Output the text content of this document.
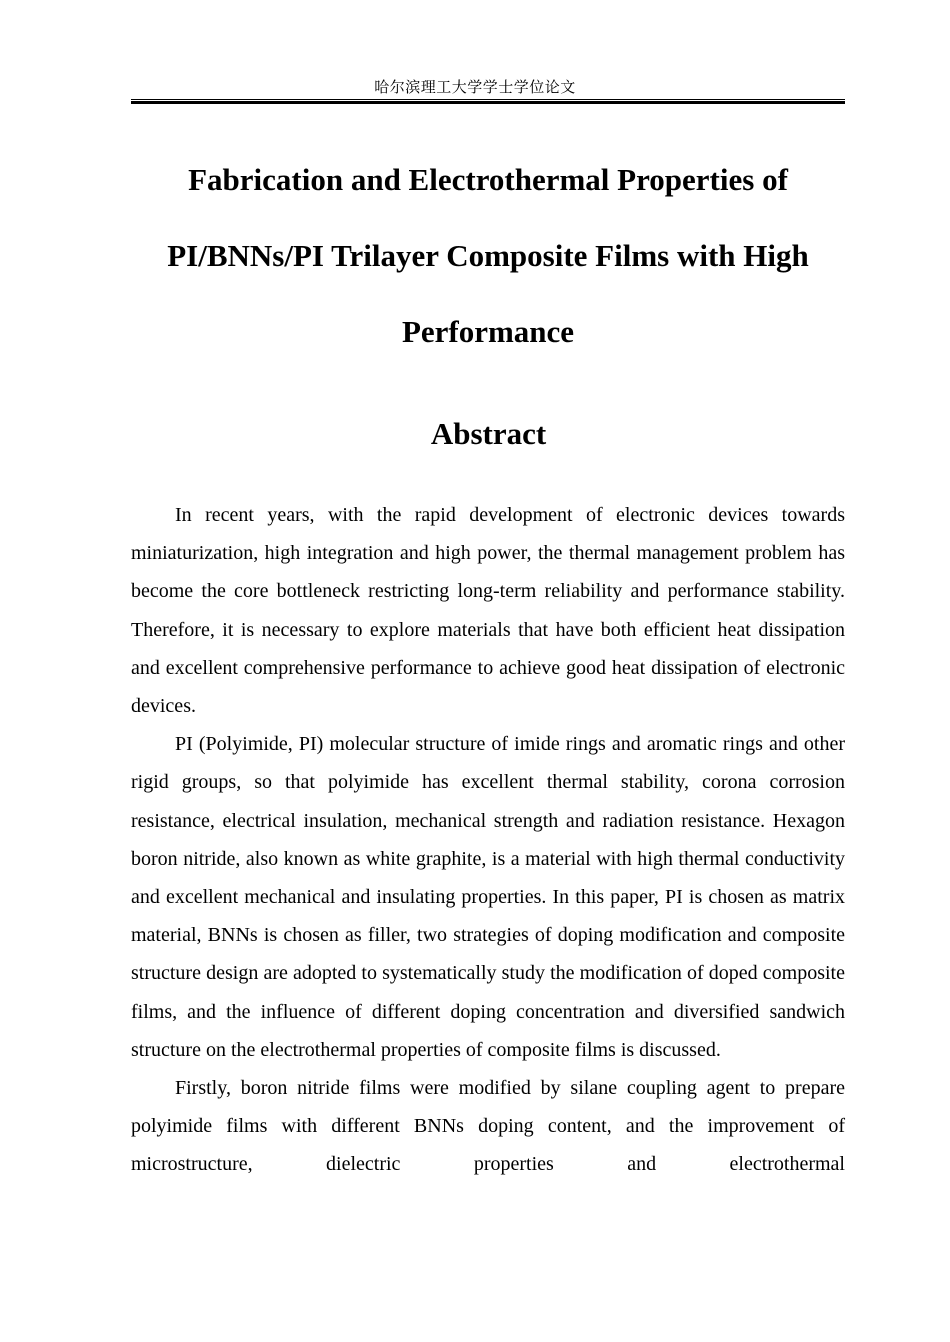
哈尔滨理工大学学士学位论文
Fabrication and Electrothermal Properties of
PI/BNNs/PI Trilayer Composite Films with High
Performance
Abstract

In recent years, with the rapid development of electronic devices towards miniaturization, high integration and high power, the thermal management problem has become the core bottleneck restricting long-term reliability and performance stability. Therefore, it is necessary to explore materials that have both efficient heat dissipation and excellent comprehensive performance to achieve good heat dissipation of electronic devices.

PI (Polyimide, PI) molecular structure of imide rings and aromatic rings and other rigid groups, so that polyimide has excellent thermal stability, corona corrosion resistance, electrical insulation, mechanical strength and radiation resistance. Hexagon boron nitride, also known as white graphite, is a material with high thermal conductivity and excellent mechanical and insulating properties. In this paper, PI is chosen as matrix material, BNNs is chosen as filler, two strategies of doping modification and composite structure design are adopted to systematically study the modification of doped composite films, and the influence of different doping concentration and diversified sandwich structure on the electrothermal properties of composite films is discussed.

Firstly, boron nitride films were modified by silane coupling agent to prepare polyimide films with different BNNs doping content, and the improvement of microstructure, dielectric properties and electrothermal
